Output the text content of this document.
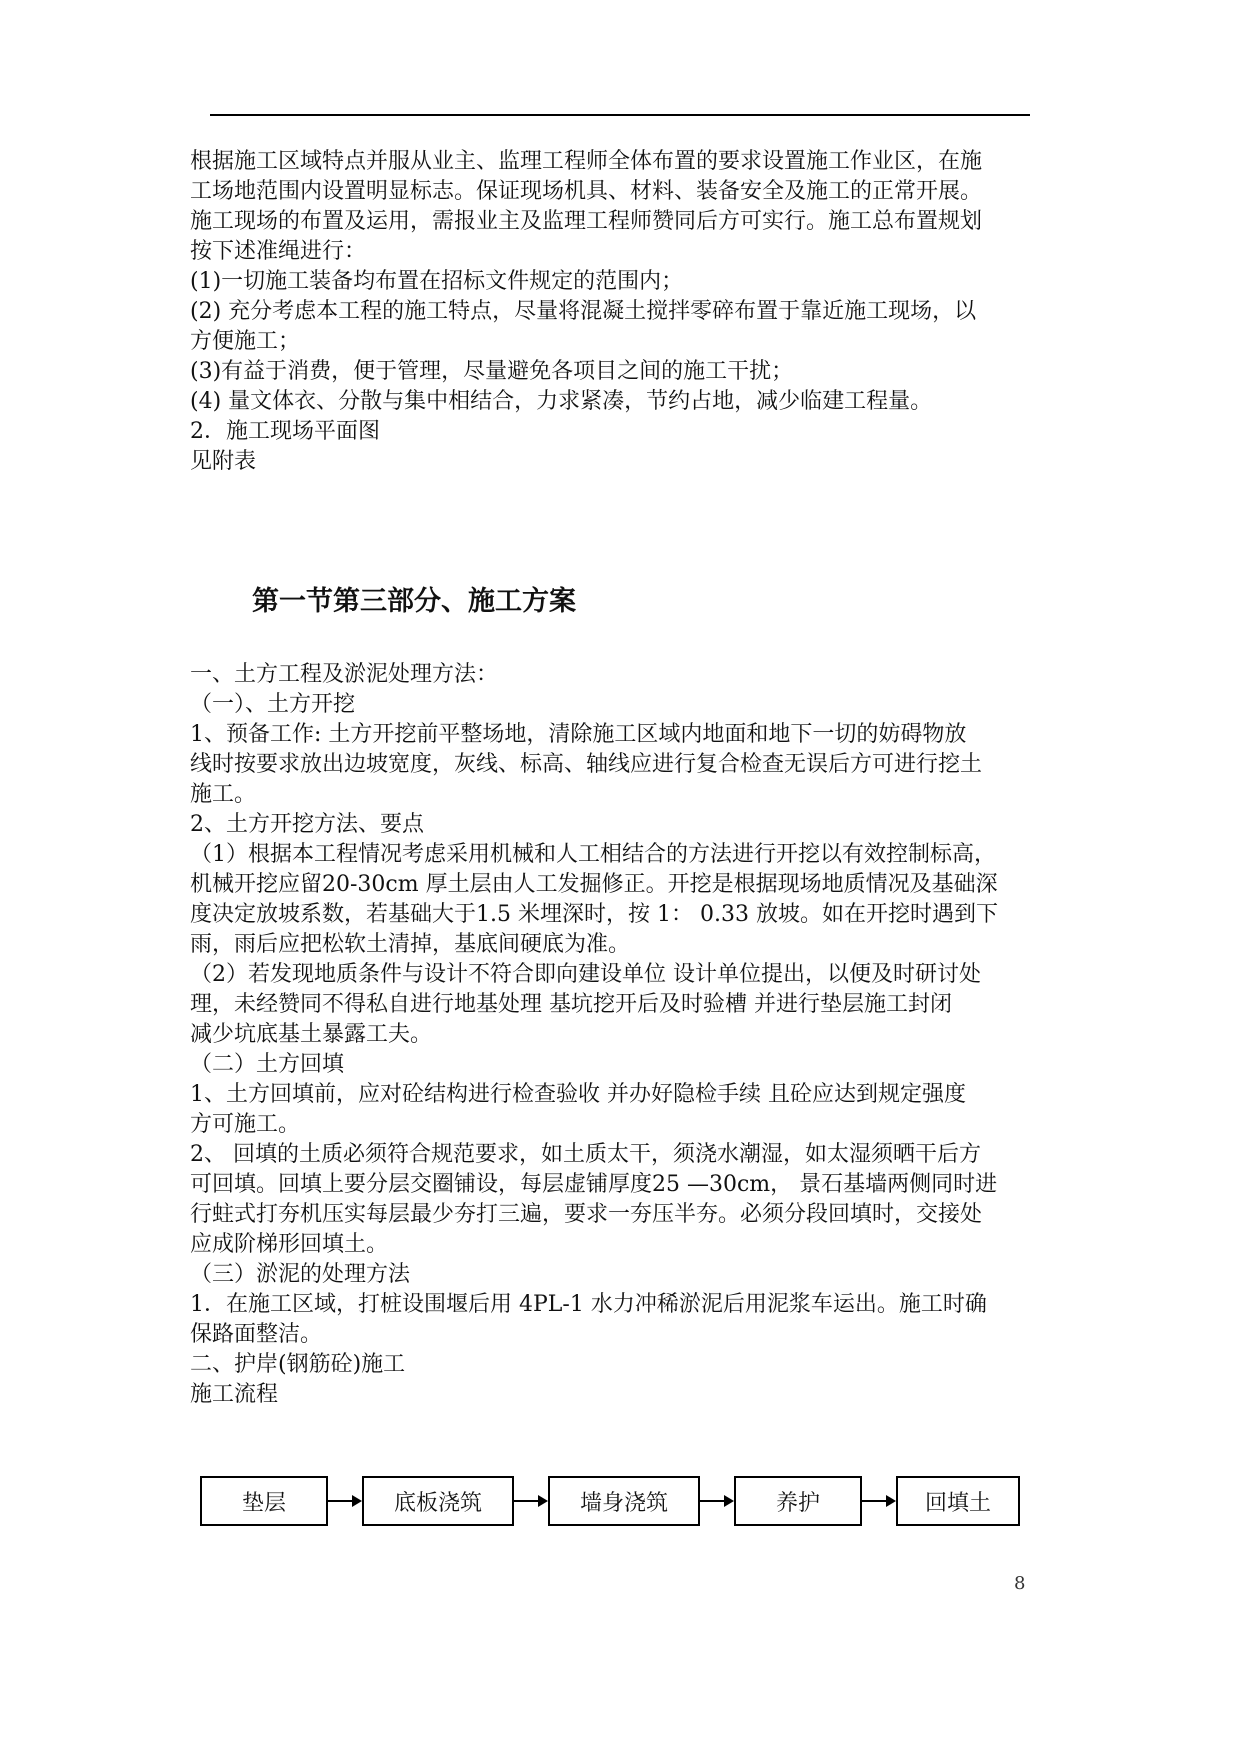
根据施工区域特点并服从业主、监理工程师全体布置的要求设置施工作业区，在施
工场地范围内设置明显标志。保证现场机具、材料、装备安全及施工的正常开展。
施工现场的布置及运用，需报业主及监理工程师赞同后方可实行。施工总布置规划
按下述准绳进行：
(1)一切施工装备均布置在招标文件规定的范围内；
(2) 充分考虑本工程的施工特点，尽量将混凝土搅拌零碎布置于靠近施工现场，以
方便施工；
(3)有益于消费，便于管理，尽量避免各项目之间的施工干扰；
(4) 量文体衣、分散与集中相结合，力求紧凑，节约占地，减少临建工程量。
2．施工现场平面图
见附表
第一节第三部分、施工方案
一、土方工程及淤泥处理方法：
（一）、土方开挖
1、预备工作: 土方开挖前平整场地，清除施工区域内地面和地下一切的妨碍物放
线时按要求放出边坡宽度，灰线、标高、轴线应进行复合检查无误后方可进行挖土
施工。
2、土方开挖方法、要点
（1）根据本工程情况考虑采用机械和人工相结合的方法进行开挖以有效控制标高，
机械开挖应留20-30cm 厚土层由人工发掘修正。开挖是根据现场地质情况及基础深
度决定放坡系数，若基础大于1.5 米埋深时，按 1： 0.33 放坡。如在开挖时遇到下
雨，雨后应把松软土清掉，基底间硬底为准。
（2）若发现地质条件与设计不符合即向建设单位 设计单位提出，以便及时研讨处
理，未经赞同不得私自进行地基处理 基坑挖开后及时验槽 并进行垫层施工封闭
减少坑底基土暴露工夫。
（二）土方回填
1、土方回填前，应对砼结构进行检查验收 并办好隐检手续 且砼应达到规定强度
方可施工。
2、 回填的土质必须符合规范要求，如土质太干，须浇水潮湿，如太湿须晒干后方
可回填。回填上要分层交圈铺设，每层虚铺厚度25 —30cm， 景石基墙两侧同时进
行蛀式打夯机压实每层最少夯打三遍，要求一夯压半夯。必须分段回填时，交接处
应成阶梯形回填土。
（三）淤泥的处理方法
1．在施工区域，打桩设围堰后用 4PL-1 水力冲稀淤泥后用泥浆车运出。施工时确
保路面整洁。
二、护岸(钢筋砼)施工
施工流程
垫层	底板浇筑	墙身浇筑	养护	回填土
8
